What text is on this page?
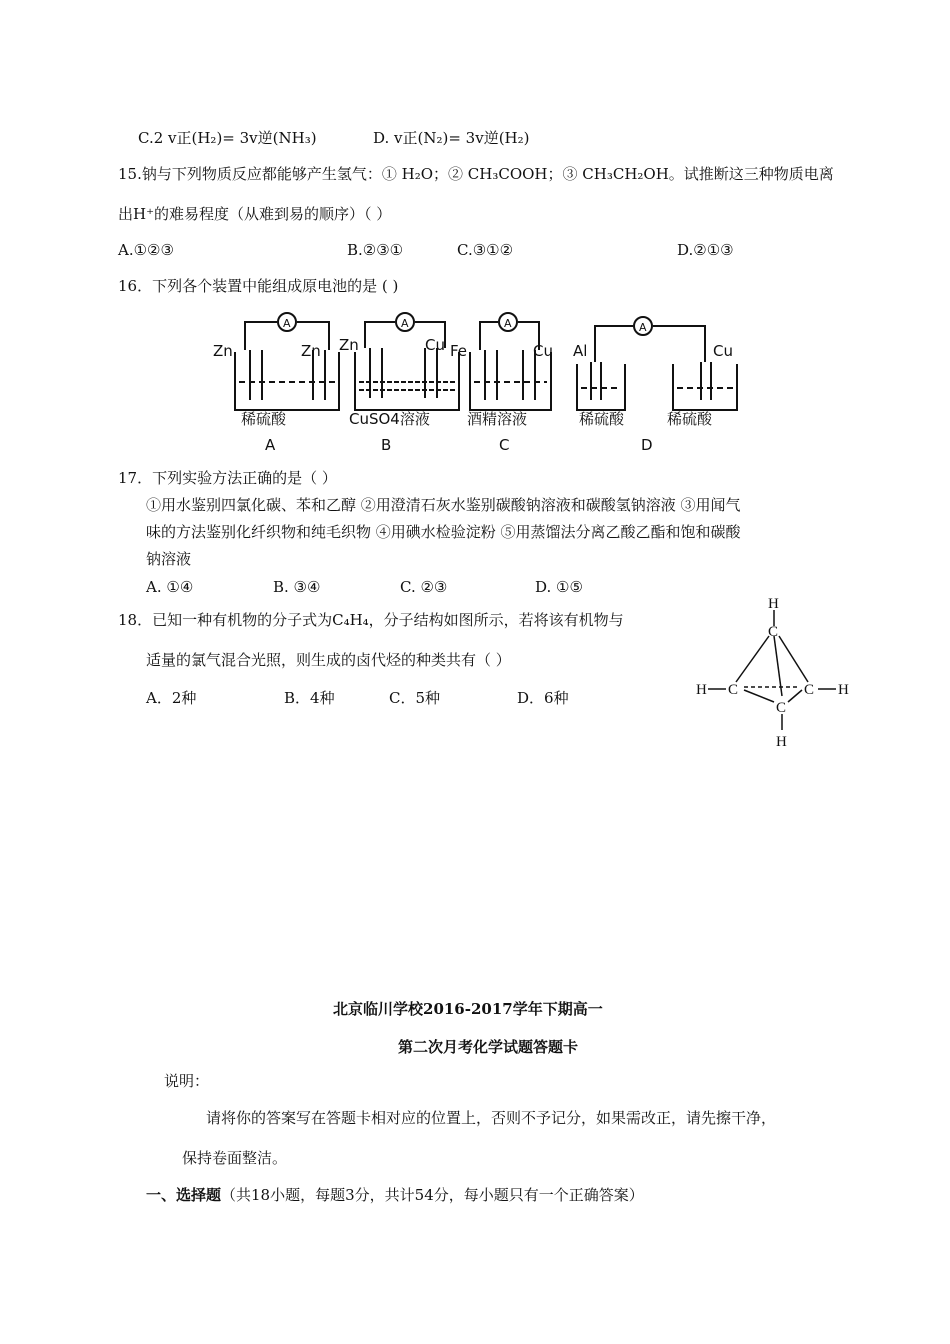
C.2 v正(H₂)= 3v逆(NH₃)	D. v正(N₂)= 3v逆(H₂)
15.钠与下列物质反应都能够产生氢气：① H₂O；② CH₃COOH；③ CH₃CH₂OH。试推断这三种物质电离
出H⁺的难易程度（从难到易的顺序）（ ）
A.①②③	B.②③①	C.③①②	D.②①③
16．下列各个装置中能组成原电池的是 ( )
A	A	A	A
Zn	Zn Zn	Cu Fe	Cu Al	Cu
稀硫酸	CuSO4溶液 酒精溶液	稀硫酸	稀硫酸
A	B	C	D
17．下列实验方法正确的是（ ）
①用水鉴别四氯化碳、苯和乙醇 ②用澄清石灰水鉴别碳酸钠溶液和碳酸氢钠溶液 ③用闻气
味的方法鉴别化纤织物和纯毛织物 ④用碘水检验淀粉 ⑤用蒸馏法分离乙酸乙酯和饱和碳酸
钠溶液
A. ①④	B. ③④	C. ②③	D. ①⑤
18．已知一种有机物的分子式为C₄H₄，分子结构如图所示，若将该有机物与
适量的氯气混合光照，则生成的卤代烃的种类共有（ ）
A．2种	B．4种	C．5种	D．6种
H
C
H C	C H
C
H
北京临川学校2016-2017学年下期高一
第二次月考化学试题答题卡
说明：
请将你的答案写在答题卡相对应的位置上，否则不予记分，如果需改正，请先擦干净，
保持卷面整洁。
一、选择题（共18小题，每题3分，共计54分，每小题只有一个正确答案）
